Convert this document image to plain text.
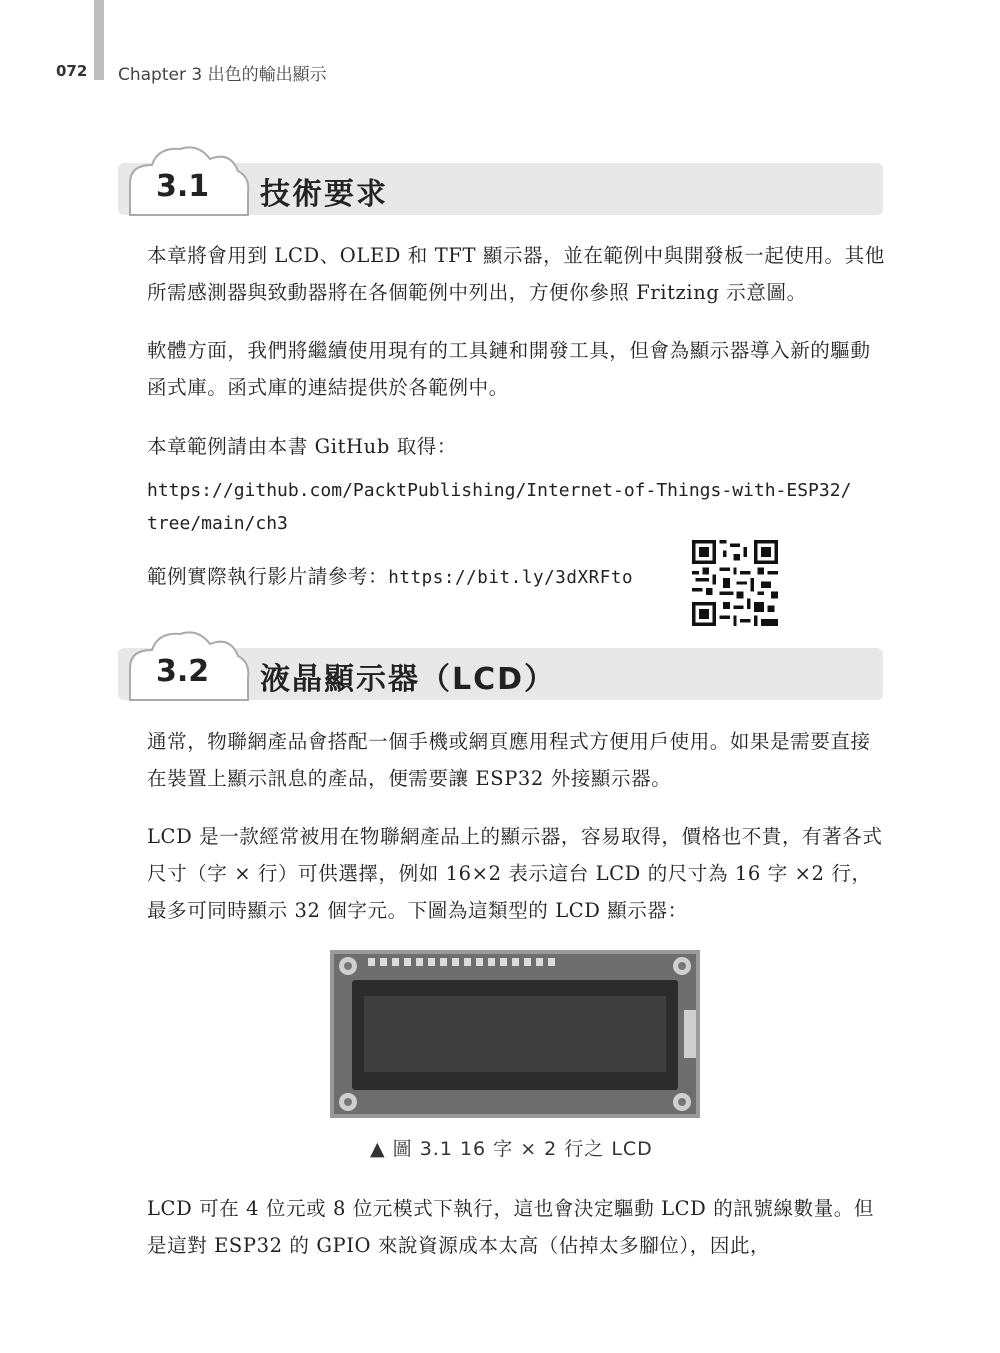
072 Chapter 3 出色的輸出顯示
3.1 技術要求

本章將會用到 LCD、OLED 和 TFT 顯示器，並在範例中與開發板一起使用。其他所需感測器與致動器將在各個範例中列出，方便你參照 Fritzing 示意圖。

軟體方面，我們將繼續使用現有的工具鏈和開發工具，但會為顯示器導入新的驅動函式庫。函式庫的連結提供於各範例中。

本章範例請由本書 GitHub 取得：

https://github.com/PacktPublishing/Internet-of-Things-with-ESP32/
tree/main/ch3

範例實際執行影片請參考：https://bit.ly/3dXRFto

3.2 液晶顯示器（LCD）

通常，物聯網產品會搭配一個手機或網頁應用程式方便用戶使用。如果是需要直接在裝置上顯示訊息的產品，便需要讓 ESP32 外接顯示器。

LCD 是一款經常被用在物聯網產品上的顯示器，容易取得，價格也不貴，有著各式尺寸（字 × 行）可供選擇，例如 16×2 表示這台 LCD 的尺寸為 16 字 ×2 行，最多可同時顯示 32 個字元。下圖為這類型的 LCD 顯示器：

▲ 圖 3.1 16 字 × 2 行之 LCD

LCD 可在 4 位元或 8 位元模式下執行，這也會決定驅動 LCD 的訊號線數量。但是這對 ESP32 的 GPIO 來說資源成本太高（佔掉太多腳位），因此，
